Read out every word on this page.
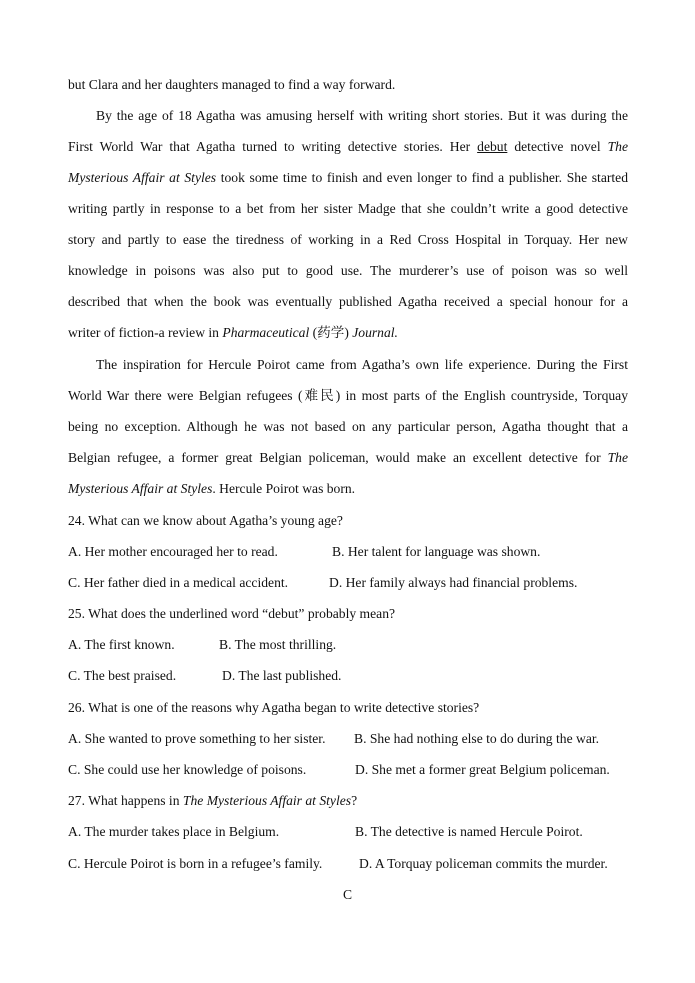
but Clara and her daughters managed to find a way forward.
By the age of 18 Agatha was amusing herself with writing short stories. But it was during the
First World War that Agatha turned to writing detective stories. Her debut detective novel The
Mysterious Affair at Styles took some time to finish and even longer to find a publisher. She started
writing partly in response to a bet from her sister Madge that she couldn’t write a good detective
story and partly to ease the tiredness of working in a Red Cross Hospital in Torquay. Her new
knowledge in poisons was also put to good use. The murderer’s use of poison was so well
described that when the book was eventually published Agatha received a special honour for a
writer of fiction-a review in Pharmaceutical (药学) Journal.
The inspiration for Hercule Poirot came from Agatha’s own life experience. During the First
World War there were Belgian refugees (难民) in most parts of the English countryside, Torquay
being no exception. Although he was not based on any particular person, Agatha thought that a
Belgian refugee, a former great Belgian policeman, would make an excellent detective for The
Mysterious Affair at Styles. Hercule Poirot was born.
24. What can we know about Agatha’s young age?
A. Her mother encouraged her to read.	B. Her talent for language was shown.
C. Her father died in a medical accident.	D. Her family always had financial problems.
25. What does the underlined word “debut” probably mean?
A. The first known.	B. The most thrilling.
C. The best praised.	D. The last published.
26. What is one of the reasons why Agatha began to write detective stories?
A. She wanted to prove something to her sister. B. She had nothing else to do during the war.
C. She could use her knowledge of poisons.	D. She met a former great Belgium policeman.
27. What happens in The Mysterious Affair at Styles?
A. The murder takes place in Belgium.	B. The detective is named Hercule Poirot.
C. Hercule Poirot is born in a refugee’s family.	D. A Torquay policeman commits the murder.
C
